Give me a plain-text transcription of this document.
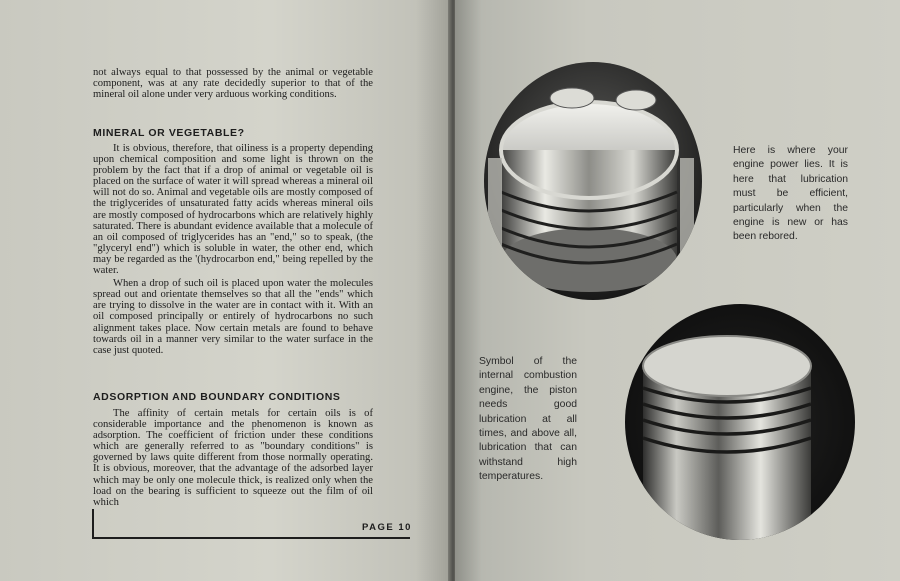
not always equal to that possessed by the animal or vegetable component, was at any rate decidedly superior to that of the mineral oil alone under very arduous working conditions.

MINERAL OR VEGETABLE?

It is obvious, therefore, that oiliness is a property depending upon chemical composition and some light is thrown on the problem by the fact that if a drop of animal or vegetable oil is placed on the surface of water it will spread whereas a mineral oil will not do so. Animal and vegetable oils are mostly composed of the triglycerides of unsaturated fatty acids whereas mineral oils are mostly composed of hydrocarbons which are relatively highly saturated. There is abundant evidence available that a molecule of an oil composed of triglycerides has an "end," so to speak, (the "glyceryl end") which is soluble in water, the other end, which may be regarded as the '(hydrocarbon end," being repelled by the water.

When a drop of such oil is placed upon water the molecules spread out and orientate themselves so that all the "ends" which are trying to dissolve in the water are in contact with it. With an oil composed principally or entirely of hydrocarbons no such alignment takes place. Now certain metals are found to behave towards oil in a manner very similar to the water surface in the case just quoted.

ADSORPTION AND BOUNDARY CONDITIONS

The affinity of certain metals for certain oils is of considerable importance and the phenomenon is known as adsorption. The coefficient of friction under these conditions which are generally referred to as "boundary conditions" is governed by laws quite different from those normally operating. It is obvious, moreover, that the advantage of the adsorbed layer which may be only one molecule thick, is realized only when the load on the bearing is sufficient to squeeze out the film of oil which

PAGE 10
Here is where your engine power lies. It is here that lubrication must be efficient, particularly when the engine is new or has been rebored.
Symbol of the internal combustion engine, the piston needs good lubrication at all times, and above all, lubrication that can withstand high temperatures.
